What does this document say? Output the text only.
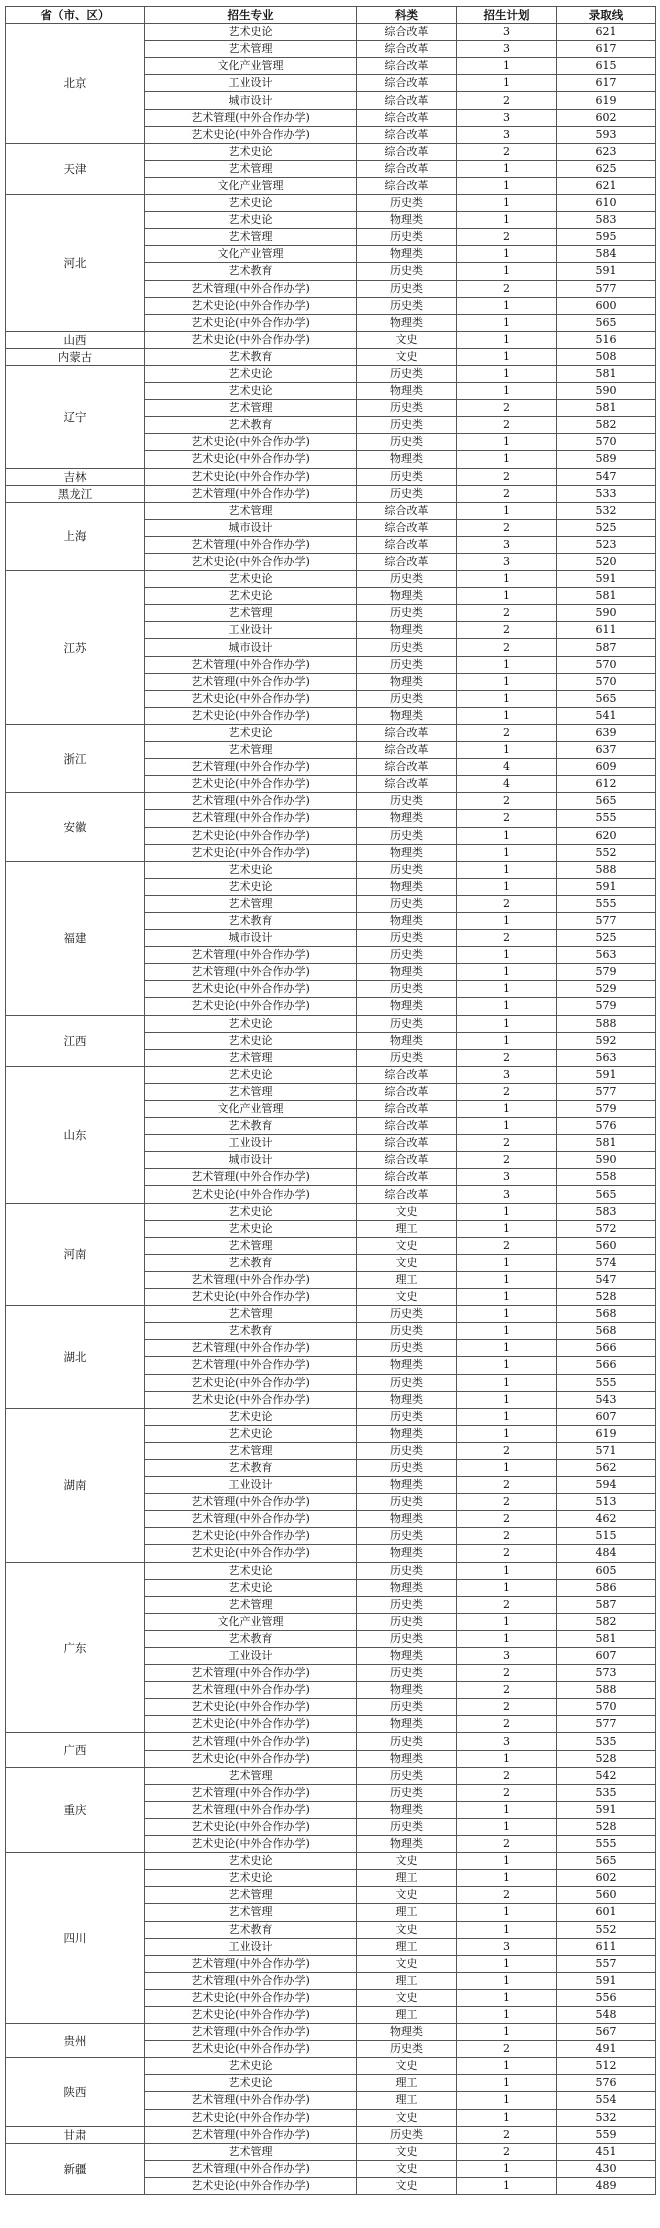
省（市、区）	招生专业	科类	招生计划	录取线
北京	艺术史论	综合改革	3	621
	艺术管理	综合改革	3	617
	文化产业管理	综合改革	1	615
	工业设计	综合改革	1	617
	城市设计	综合改革	2	619
	艺术管理(中外合作办学)	综合改革	3	602
	艺术史论(中外合作办学)	综合改革	3	593
天津	艺术史论	综合改革	2	623
	艺术管理	综合改革	1	625
	文化产业管理	综合改革	1	621
河北	艺术史论	历史类	1	610
	艺术史论	物理类	1	583
	艺术管理	历史类	2	595
	文化产业管理	物理类	1	584
	艺术教育	历史类	1	591
	艺术管理(中外合作办学)	历史类	2	577
	艺术史论(中外合作办学)	历史类	1	600
	艺术史论(中外合作办学)	物理类	1	565
山西	艺术史论(中外合作办学)	文史	1	516
内蒙古	艺术教育	文史	1	508
辽宁	艺术史论	历史类	1	581
	艺术史论	物理类	1	590
	艺术管理	历史类	2	581
	艺术教育	历史类	2	582
	艺术史论(中外合作办学)	历史类	1	570
	艺术史论(中外合作办学)	物理类	1	589
吉林	艺术史论(中外合作办学)	历史类	2	547
黑龙江	艺术管理(中外合作办学)	历史类	2	533
上海	艺术管理	综合改革	1	532
	城市设计	综合改革	2	525
	艺术管理(中外合作办学)	综合改革	3	523
	艺术史论(中外合作办学)	综合改革	3	520
江苏	艺术史论	历史类	1	591
	艺术史论	物理类	1	581
	艺术管理	历史类	2	590
	工业设计	物理类	2	611
	城市设计	历史类	2	587
	艺术管理(中外合作办学)	历史类	1	570
	艺术管理(中外合作办学)	物理类	1	570
	艺术史论(中外合作办学)	历史类	1	565
	艺术史论(中外合作办学)	物理类	1	541
浙江	艺术史论	综合改革	2	639
	艺术管理	综合改革	1	637
	艺术管理(中外合作办学)	综合改革	4	609
	艺术史论(中外合作办学)	综合改革	4	612
安徽	艺术管理(中外合作办学)	历史类	2	565
	艺术管理(中外合作办学)	物理类	2	555
	艺术史论(中外合作办学)	历史类	1	620
	艺术史论(中外合作办学)	物理类	1	552
福建	艺术史论	历史类	1	588
	艺术史论	物理类	1	591
	艺术管理	历史类	2	555
	艺术教育	物理类	1	577
	城市设计	历史类	2	525
	艺术管理(中外合作办学)	历史类	1	563
	艺术管理(中外合作办学)	物理类	1	579
	艺术史论(中外合作办学)	历史类	1	529
	艺术史论(中外合作办学)	物理类	1	579
江西	艺术史论	历史类	1	588
	艺术史论	物理类	1	592
	艺术管理	历史类	2	563
山东	艺术史论	综合改革	3	591
	艺术管理	综合改革	2	577
	文化产业管理	综合改革	1	579
	艺术教育	综合改革	1	576
	工业设计	综合改革	2	581
	城市设计	综合改革	2	590
	艺术管理(中外合作办学)	综合改革	3	558
	艺术史论(中外合作办学)	综合改革	3	565
河南	艺术史论	文史	1	583
	艺术史论	理工	1	572
	艺术管理	文史	2	560
	艺术教育	文史	1	574
	艺术管理(中外合作办学)	理工	1	547
	艺术史论(中外合作办学)	文史	1	528
湖北	艺术管理	历史类	1	568
	艺术教育	历史类	1	568
	艺术管理(中外合作办学)	历史类	1	566
	艺术管理(中外合作办学)	物理类	1	566
	艺术史论(中外合作办学)	历史类	1	555
	艺术史论(中外合作办学)	物理类	1	543
湖南	艺术史论	历史类	1	607
	艺术史论	物理类	1	619
	艺术管理	历史类	2	571
	艺术教育	历史类	1	562
	工业设计	物理类	2	594
	艺术管理(中外合作办学)	历史类	2	513
	艺术管理(中外合作办学)	物理类	2	462
	艺术史论(中外合作办学)	历史类	2	515
	艺术史论(中外合作办学)	物理类	2	484
广东	艺术史论	历史类	1	605
	艺术史论	物理类	1	586
	艺术管理	历史类	2	587
	文化产业管理	历史类	1	582
	艺术教育	历史类	1	581
	工业设计	物理类	3	607
	艺术管理(中外合作办学)	历史类	2	573
	艺术管理(中外合作办学)	物理类	2	588
	艺术史论(中外合作办学)	历史类	2	570
	艺术史论(中外合作办学)	物理类	2	577
广西	艺术管理(中外合作办学)	历史类	3	535
	艺术史论(中外合作办学)	物理类	1	528
重庆	艺术管理	历史类	2	542
	艺术管理(中外合作办学)	历史类	2	535
	艺术管理(中外合作办学)	物理类	1	591
	艺术史论(中外合作办学)	历史类	1	528
	艺术史论(中外合作办学)	物理类	2	555
四川	艺术史论	文史	1	565
	艺术史论	理工	1	602
	艺术管理	文史	2	560
	艺术管理	理工	1	601
	艺术教育	文史	1	552
	工业设计	理工	3	611
	艺术管理(中外合作办学)	文史	1	557
	艺术管理(中外合作办学)	理工	1	591
	艺术史论(中外合作办学)	文史	1	556
	艺术史论(中外合作办学)	理工	1	548
贵州	艺术管理(中外合作办学)	物理类	1	567
	艺术史论(中外合作办学)	历史类	2	491
陕西	艺术史论	文史	1	512
	艺术史论	理工	1	576
	艺术管理(中外合作办学)	理工	1	554
	艺术史论(中外合作办学)	文史	1	532
甘肃	艺术管理(中外合作办学)	历史类	2	559
新疆	艺术管理	文史	2	451
	艺术管理(中外合作办学)	文史	1	430
	艺术史论(中外合作办学)	文史	1	489
